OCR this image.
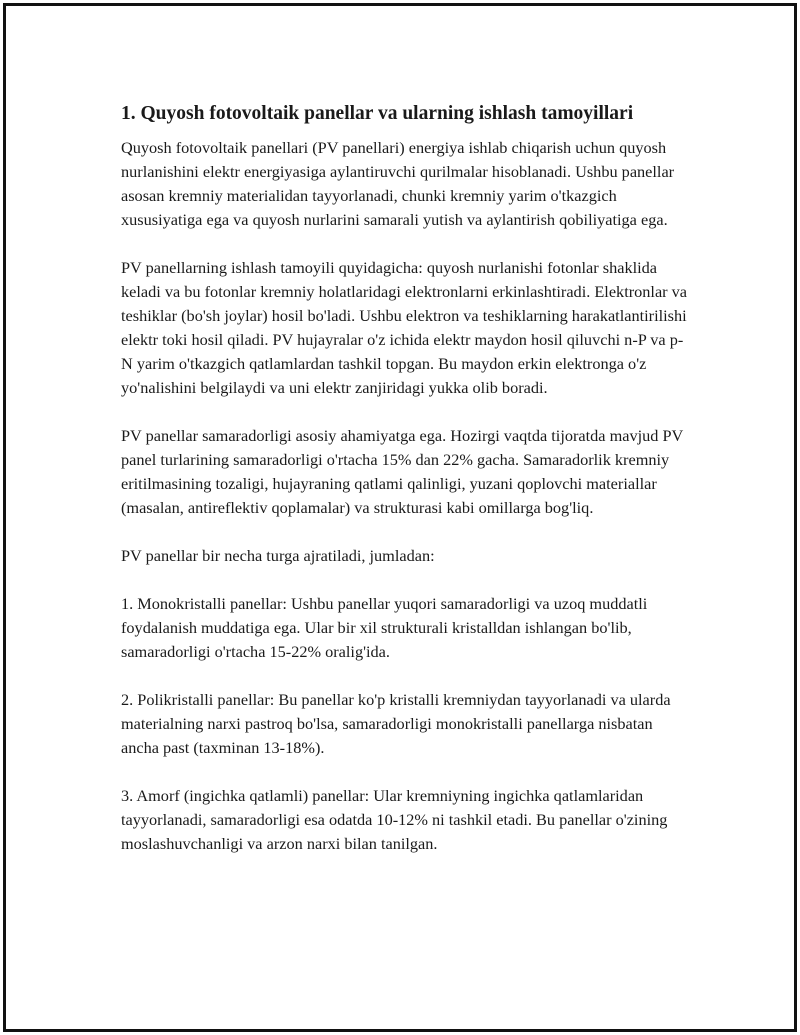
1. Quyosh fotovoltaik panellar va ularning ishlash tamoyillari

Quyosh fotovoltaik panellari (PV panellari) energiya ishlab chiqarish uchun quyosh nurlanishini elektr energiyasiga aylantiruvchi qurilmalar hisoblanadi. Ushbu panellar asosan kremniy materialidan tayyorlanadi, chunki kremniy yarim o'tkazgich xususiyatiga ega va quyosh nurlarini samarali yutish va aylantirish qobiliyatiga ega.

PV panellarning ishlash tamoyili quyidagicha: quyosh nurlanishi fotonlar shaklida keladi va bu fotonlar kremniy holatlaridagi elektronlarni erkinlashtiradi. Elektronlar va teshiklar (bo'sh joylar) hosil bo'ladi. Ushbu elektron va teshiklarning harakatlantirilishi elektr toki hosil qiladi. PV hujayralar o'z ichida elektr maydon hosil qiluvchi n-P va p-N yarim o'tkazgich qatlamlardan tashkil topgan. Bu maydon erkin elektronga o'z yo'nalishini belgilaydi va uni elektr zanjiridagi yukka olib boradi.

PV panellar samaradorligi asosiy ahamiyatga ega. Hozirgi vaqtda tijoratda mavjud PV panel turlarining samaradorligi o'rtacha 15% dan 22% gacha. Samaradorlik kremniy eritilmasining tozaligi, hujayraning qatlami qalinligi, yuzani qoplovchi materiallar (masalan, antireflektiv qoplamalar) va strukturasi kabi omillarga bog'liq.

PV panellar bir necha turga ajratiladi, jumladan:

1. Monokristalli panellar: Ushbu panellar yuqori samaradorligi va uzoq muddatli foydalanish muddatiga ega. Ular bir xil strukturali kristalldan ishlangan bo'lib, samaradorligi o'rtacha 15-22% oralig'ida.

2. Polikristalli panellar: Bu panellar ko'p kristalli kremniydan tayyorlanadi va ularda materialning narxi pastroq bo'lsa, samaradorligi monokristalli panellarga nisbatan ancha past (taxminan 13-18%).

3. Amorf (ingichka qatlamli) panellar: Ular kremniyning ingichka qatlamlaridan tayyorlanadi, samaradorligi esa odatda 10-12% ni tashkil etadi. Bu panellar o'zining moslashuvchanligi va arzon narxi bilan tanilgan.
